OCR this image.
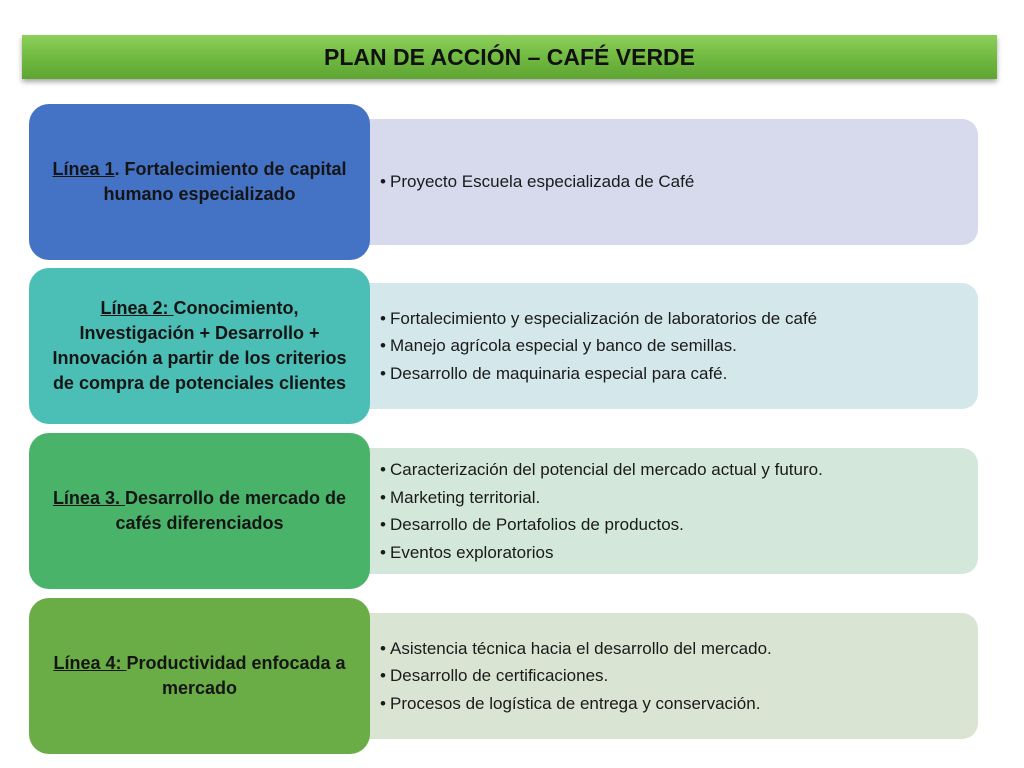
PLAN DE ACCIÓN – CAFÉ VERDE
• Proyecto Escuela especializada de Café
Línea 1. Fortalecimiento de capital humano especializado
• Fortalecimiento y especialización de laboratorios de café
• Manejo agrícola especial y banco de semillas.
• Desarrollo de maquinaria especial para café.
Línea 2: Conocimiento, Investigación + Desarrollo + Innovación a partir de los criterios de compra de potenciales clientes
• Caracterización del potencial del mercado actual y futuro.
• Marketing territorial.
• Desarrollo de Portafolios de productos.
• Eventos exploratorios
Línea 3. Desarrollo de mercado de cafés diferenciados
• Asistencia técnica hacia el desarrollo del mercado.
• Desarrollo de certificaciones.
• Procesos de logística de entrega y conservación.
Línea 4: Productividad enfocada a mercado
